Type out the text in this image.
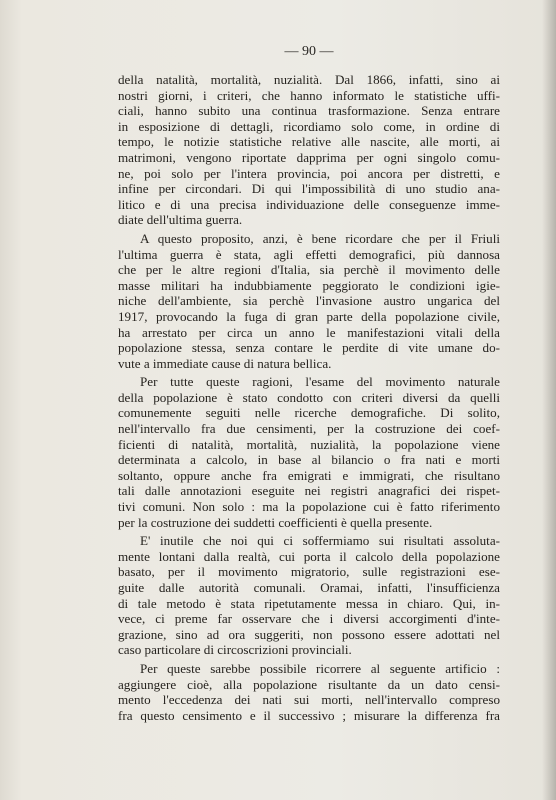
— 90 —
della natalità, mortalità, nuzialità. Dal 1866, infatti, sino ai
nostri giorni, i criteri, che hanno informato le statistiche uffi-
ciali, hanno subito una continua trasformazione. Senza entrare
in esposizione di dettagli, ricordiamo solo come, in ordine di
tempo, le notizie statistiche relative alle nascite, alle morti, ai
matrimoni, vengono riportate dapprima per ogni singolo comu-
ne, poi solo per l'intera provincia, poi ancora per distretti, e
infine per circondari. Di qui l'impossibilità di uno studio ana-
litico e di una precisa individuazione delle conseguenze imme-
diate dell'ultima guerra.
A questo proposito, anzi, è bene ricordare che per il Friuli
l'ultima guerra è stata, agli effetti demografici, più dannosa
che per le altre regioni d'Italia, sia perchè il movimento delle
masse militari ha indubbiamente peggiorato le condizioni igie-
niche dell'ambiente, sia perchè l'invasione austro ungarica del
1917, provocando la fuga di gran parte della popolazione civile,
ha arrestato per circa un anno le manifestazioni vitali della
popolazione stessa, senza contare le perdite di vite umane do-
vute a immediate cause di natura bellica.
Per tutte queste ragioni, l'esame del movimento naturale
della popolazione è stato condotto con criteri diversi da quelli
comunemente seguiti nelle ricerche demografiche. Di solito,
nell'intervallo fra due censimenti, per la costruzione dei coef-
ficienti di natalità, mortalità, nuzialità, la popolazione viene
determinata a calcolo, in base al bilancio o fra nati e morti
soltanto, oppure anche fra emigrati e immigrati, che risultano
tali dalle annotazioni eseguite nei registri anagrafici dei rispet-
tivi comuni. Non solo : ma la popolazione cui è fatto riferimento
per la costruzione dei suddetti coefficienti è quella presente.
E' inutile che noi qui ci soffermiamo sui risultati assoluta-
mente lontani dalla realtà, cui porta il calcolo della popolazione
basato, per il movimento migratorio, sulle registrazioni ese-
guite dalle autorità comunali. Oramai, infatti, l'insufficienza
di tale metodo è stata ripetutamente messa in chiaro. Qui, in-
vece, ci preme far osservare che i diversi accorgimenti d'inte-
grazione, sino ad ora suggeriti, non possono essere adottati nel
caso particolare di circoscrizioni provinciali.
Per queste sarebbe possibile ricorrere al seguente artificio :
aggiungere cioè, alla popolazione risultante da un dato censi-
mento l'eccedenza dei nati sui morti, nell'intervallo compreso
fra questo censimento e il successivo ; misurare la differenza fra
